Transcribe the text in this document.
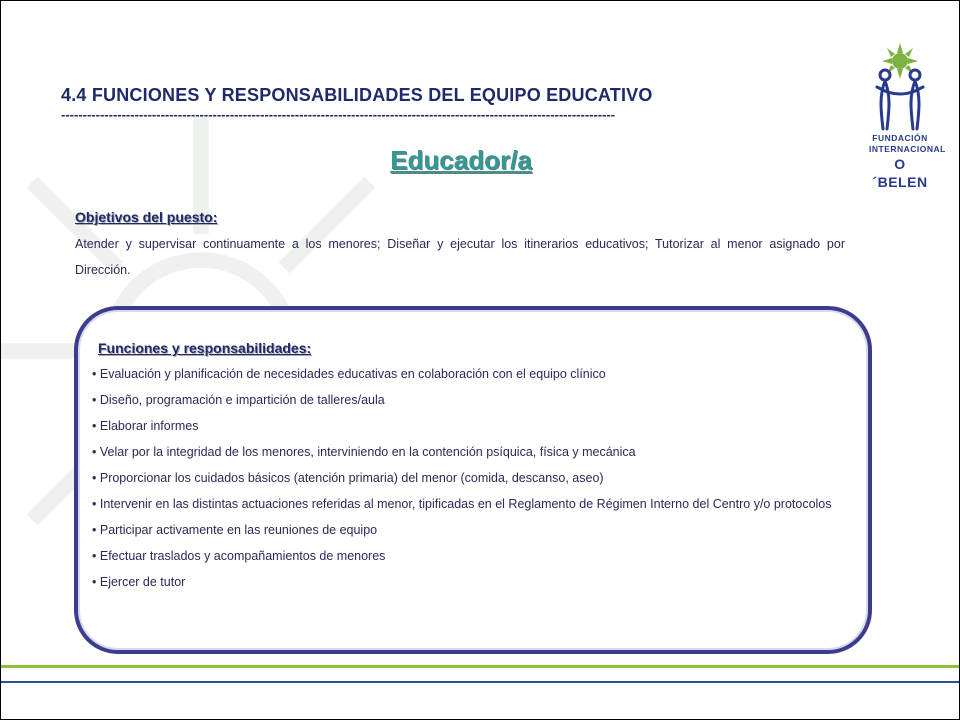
4.4 FUNCIONES Y RESPONSABILIDADES DEL EQUIPO EDUCATIVO
--------------------------------------------------------------------------------------------------------------------------------
Educador/a
Objetivos del puesto:
Atender y supervisar continuamente a los menores; Diseñar y ejecutar los itinerarios educativos; Tutorizar al menor asignado por Dirección.
Funciones y responsabilidades:
• Evaluación y planificación de necesidades educativas en colaboración con el equipo clínico
• Diseño, programación e impartición de talleres/aula
• Elaborar informes
• Velar por la integridad de los menores, interviniendo en la contención psíquica, física y mecánica
• Proporcionar los cuidados básicos (atención primaria) del menor (comida, descanso, aseo)
• Intervenir en las distintas actuaciones referidas al menor, tipificadas en el Reglamento de Régimen Interno del Centro y/o protocolos
• Participar activamente en las reuniones de equipo
• Efectuar traslados y acompañamientos de menores
• Ejercer de tutor
FUNDACIÓN
INTERNACIONAL
O´BELEN
